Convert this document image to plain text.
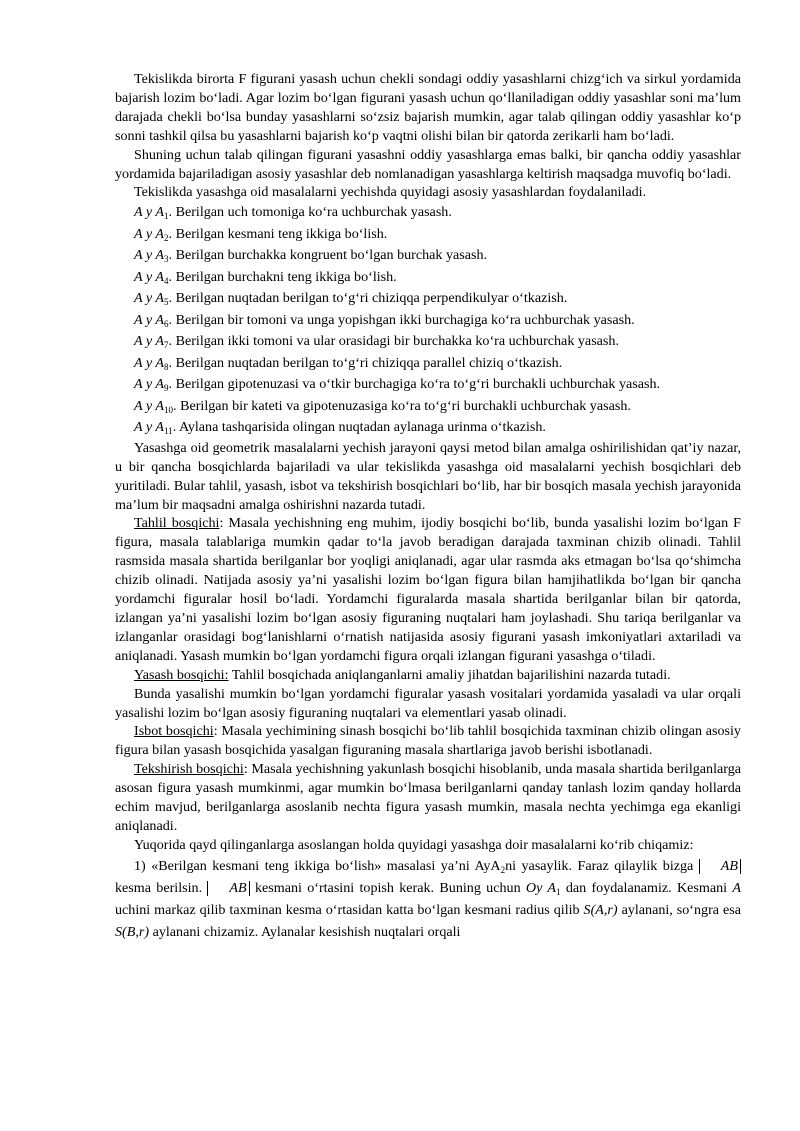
Tekislikda birorta F figurani yasash uchun chekli sondagi oddiy yasashlarni chizg‘ich va sirkul yordamida bajarish lozim bo‘ladi. Agar lozim bo‘lgan figurani yasash uchun qo‘llaniladigan oddiy yasashlar soni ma’lum darajada chekli bo‘lsa bunday yasashlarni so‘zsiz bajarish mumkin, agar talab qilingan oddiy yasashlar ko‘p sonni tashkil qilsa bu yasashlarni bajarish ko‘p vaqtni olishi bilan bir qatorda zerikarli ham bo‘ladi.

Shuning uchun talab qilingan figurani yasashni oddiy yasashlarga emas balki, bir qancha oddiy yasashlar yordamida bajariladigan asosiy yasashlar deb nomlanadigan yasashlarga keltirish maqsadga muvofiq bo‘ladi.

Tekislikda yasashga oid masalalarni yechishda quyidagi asosiy yasashlardan foydalaniladi.

A y $A_1$. Berilgan uch tomoniga ko‘ra uchburchak yasash.

A y $A_2$. Berilgan kesmani teng ikkiga bo‘lish.

A y $A_3$. Berilgan burchakka kongruent bo‘lgan burchak yasash.

A y $A_4$. Berilgan burchakni teng ikkiga bo‘lish.

A y $A_5$. Berilgan nuqtadan berilgan to‘g‘ri chiziqqa perpendikulyar o‘tkazish.

A y $A_6$. Berilgan bir tomoni va unga yopishgan ikki burchagiga ko‘ra uchburchak yasash.

A y $A_7$. Berilgan ikki tomoni va ular orasidagi bir burchakka ko‘ra uchburchak yasash.

A y $A_8$. Berilgan nuqtadan berilgan to‘g‘ri chiziqqa parallel chiziq o‘tkazish.

A y $A_9$. Berilgan gipotenuzasi va o‘tkir burchagiga ko‘ra to‘g‘ri burchakli uchburchak yasash.

A y $A_{10}$. Berilgan bir kateti va gipotenuzasiga ko‘ra to‘g‘ri burchakli uchburchak yasash.

A y $A_{11}$. Aylana tashqarisida olingan nuqtadan aylanaga urinma o‘tkazish.

Yasashga oid geometrik masalalarni yechish jarayoni qaysi metod bilan amalga oshirilishidan qat’iy nazar, u bir qancha bosqichlarda bajariladi va ular tekislikda yasashga oid masalalarni yechish bosqichlari deb yuritiladi. Bular tahlil, yasash, isbot va tekshirish bosqichlari bo‘lib, har bir bosqich masala yechish jarayonida ma’lum bir maqsadni amalga oshirishni nazarda tutadi.

Tahlil bosqichi: Masala yechishning eng muhim, ijodiy bosqichi bo‘lib, bunda yasalishi lozim bo‘lgan F figura, masala talablariga mumkin qadar to‘la javob beradigan darajada taxminan chizib olinadi. Tahlil rasmsida masala shartida berilganlar bor yoqligi aniqlanadi, agar ular rasmda aks etmagan bo‘lsa qo‘shimcha chizib olinadi. Natijada asosiy ya’ni yasalishi lozim bo‘lgan figura bilan hamjihatlikda bo‘lgan bir qancha yordamchi figuralar hosil bo‘ladi. Yordamchi figuralarda masala shartida berilganlar bilan bir qatorda, izlangan ya’ni yasalishi lozim bo‘lgan asosiy figuraning nuqtalari ham joylashadi. Shu tariqa berilganlar va izlanganlar orasidagi bog‘lanishlarni o‘rnatish natijasida asosiy figurani yasash imkoniyatlari axtariladi va aniqlanadi. Yasash mumkin bo‘lgan yordamchi figura orqali izlangan figurani yasashga o‘tiladi.

Yasash bosqichi: Tahlil bosqichada aniqlanganlarni amaliy jihatdan bajarilishini nazarda tutadi.

Bunda yasalishi mumkin bo‘lgan yordamchi figuralar yasash vositalari yordamida yasaladi va ular orqali yasalishi lozim bo‘lgan asosiy figuraning nuqtalari va elementlari yasab olinadi.

Isbot bosqichi: Masala yechimining sinash bosqichi bo‘lib tahlil bosqichida taxminan chizib olingan asosiy figura bilan yasash bosqichida yasalgan figuraning masala shartlariga javob berishi isbotlanadi.

Tekshirish bosqichi: Masala yechishning yakunlash bosqichi hisoblanib, unda masala shartida berilganlarga asosan figura yasash mumkinmi, agar mumkin bo‘lmasa berilganlarni qanday tanlash lozim qanday hollarda echim mavjud, berilganlarga asoslanib nechta figura yasash mumkin, masala nechta yechimga ega ekanligi aniqlanadi.

Yuqorida qayd qilinganlarga asoslangan holda quyidagi yasashga doir masalalarni ko‘rib chiqamiz:

1) «Berilgan kesmani teng ikkiga bo‘lish» masalasi ya’ni AyA$_2$ni yasaylik. Faraz qilaylik bizga ABkesma berilsin. AB kesmani o‘rtasini topish kerak. Buning uchun Oy $A_1$ dan foydalanamiz. Kesmani A uchini markaz qilib taxminan kesma o‘rtasidan katta bo‘lgan kesmani radius qilib S(A,r) aylanani, so‘ngra esa S(B,r) aylanani chizamiz. Aylanalar kesishish nuqtalari orqali
